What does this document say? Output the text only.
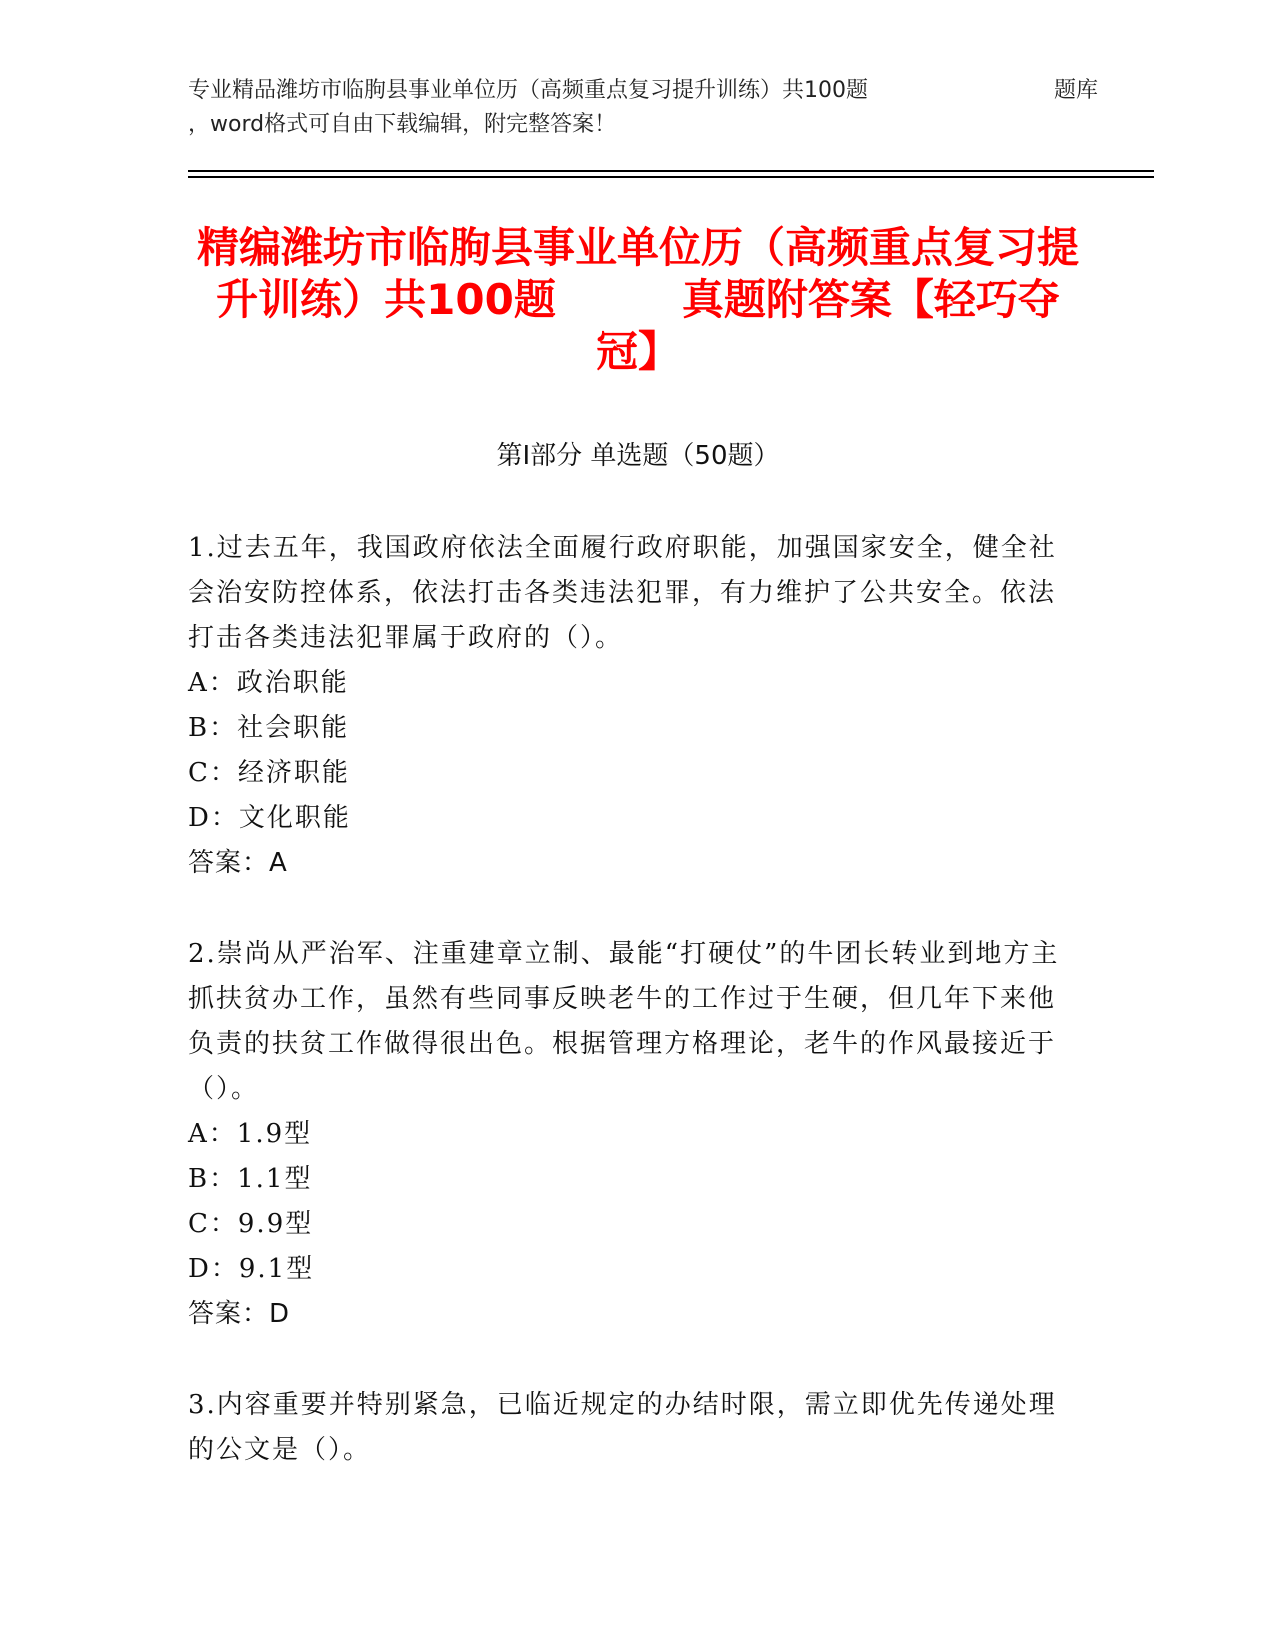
专业精品潍坊市临朐县事业单位历（高频重点复习提升训练）共100题	题库
，word格式可自由下载编辑，附完整答案！
精编潍坊市临朐县事业单位历（高频重点复习提升训练）共100题　　　真题附答案【轻巧夺冠】
第Ⅰ部分 单选题（50题）
1.过去五年，我国政府依法全面履行政府职能，加强国家安全，健全社会治安防控体系，依法打击各类违法犯罪，有力维护了公共安全。依法打击各类违法犯罪属于政府的（）。
A：政治职能
B：社会职能
C：经济职能
D：文化职能
答案：A
2.崇尚从严治军、注重建章立制、最能“打硬仗”的牛团长转业到地方主抓扶贫办工作，虽然有些同事反映老牛的工作过于生硬，但几年下来他负责的扶贫工作做得很出色。根据管理方格理论，老牛的作风最接近于（）。
A：1.9型
B：1.1型
C：9.9型
D：9.1型
答案：D
3.内容重要并特别紧急，已临近规定的办结时限，需立即优先传递处理的公文是（）。
